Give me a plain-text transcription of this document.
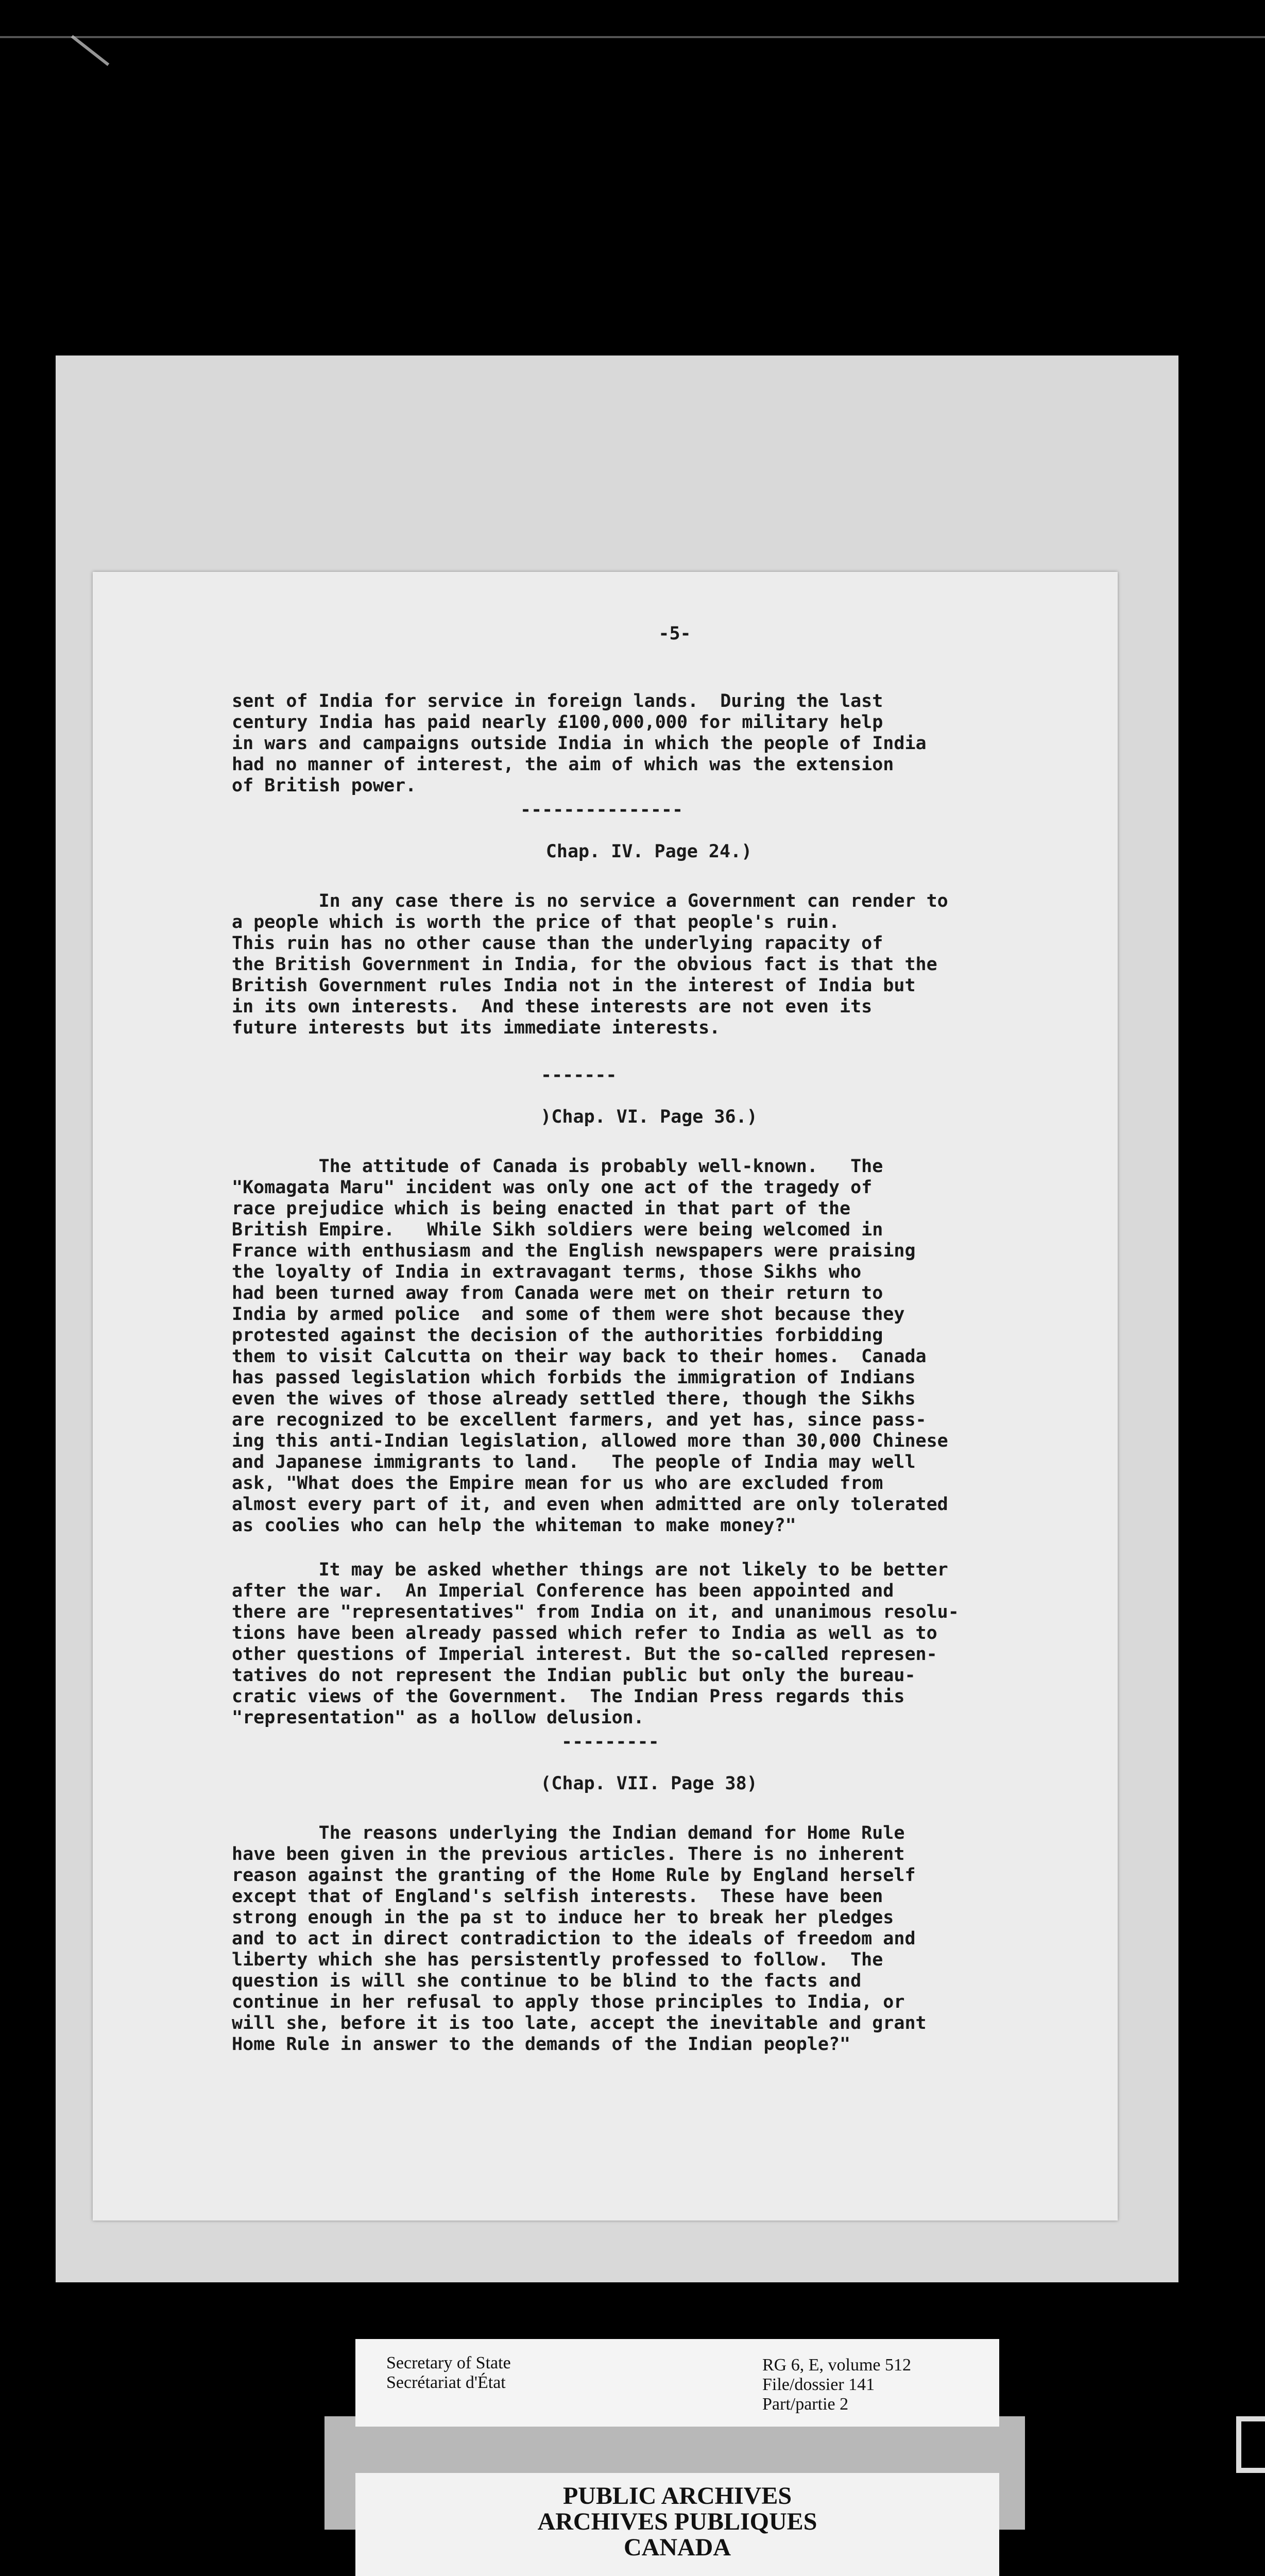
-5-
sent of India for service in foreign lands.  During the last
century India has paid nearly £100,000,000 for military help
in wars and campaigns outside India in which the people of India
had no manner of interest, the aim of which was the extension
of British power.
---------------
Chap. IV. Page 24.)
In any case there is no service a Government can render to
a people which is worth the price of that people's ruin.
This ruin has no other cause than the underlying rapacity of
the British Government in India, for the obvious fact is that the
British Government rules India not in the interest of India but
in its own interests.  And these interests are not even its
future interests but its immediate interests.
-------
)Chap. VI. Page 36.)
The attitude of Canada is probably well-known.   The
"Komagata Maru" incident was only one act of the tragedy of
race prejudice which is being enacted in that part of the
British Empire.   While Sikh soldiers were being welcomed in
France with enthusiasm and the English newspapers were praising
the loyalty of India in extravagant terms, those Sikhs who
had been turned away from Canada were met on their return to
India by armed police  and some of them were shot because they
protested against the decision of the authorities forbidding
them to visit Calcutta on their way back to their homes.  Canada
has passed legislation which forbids the immigration of Indians
even the wives of those already settled there, though the Sikhs
are recognized to be excellent farmers, and yet has, since pass-
ing this anti-Indian legislation, allowed more than 30,000 Chinese
and Japanese immigrants to land.   The people of India may well
ask, "What does the Empire mean for us who are excluded from
almost every part of it, and even when admitted are only tolerated
as coolies who can help the whiteman to make money?"
It may be asked whether things are not likely to be better
after the war.  An Imperial Conference has been appointed and
there are "representatives" from India on it, and unanimous resolu-
tions have been already passed which refer to India as well as to
other questions of Imperial interest. But the so-called represen-
tatives do not represent the Indian public but only the bureau-
cratic views of the Government.  The Indian Press regards this
"representation" as a hollow delusion.
---------
(Chap. VII. Page 38)
The reasons underlying the Indian demand for Home Rule
have been given in the previous articles. There is no inherent
reason against the granting of the Home Rule by England herself
except that of England's selfish interests.  These have been
strong enough in the pa st to induce her to break her pledges
and to act in direct contradiction to the ideals of freedom and
liberty which she has persistently professed to follow.  The
question is will she continue to be blind to the facts and
continue in her refusal to apply those principles to India, or
will she, before it is too late, accept the inevitable and grant
Home Rule in answer to the demands of the Indian people?"
Secretary of State
Secrétariat d'État
RG 6, E, volume 512
File/dossier 141
Part/partie 2
PUBLIC ARCHIVES
ARCHIVES PUBLIQUES
CANADA
